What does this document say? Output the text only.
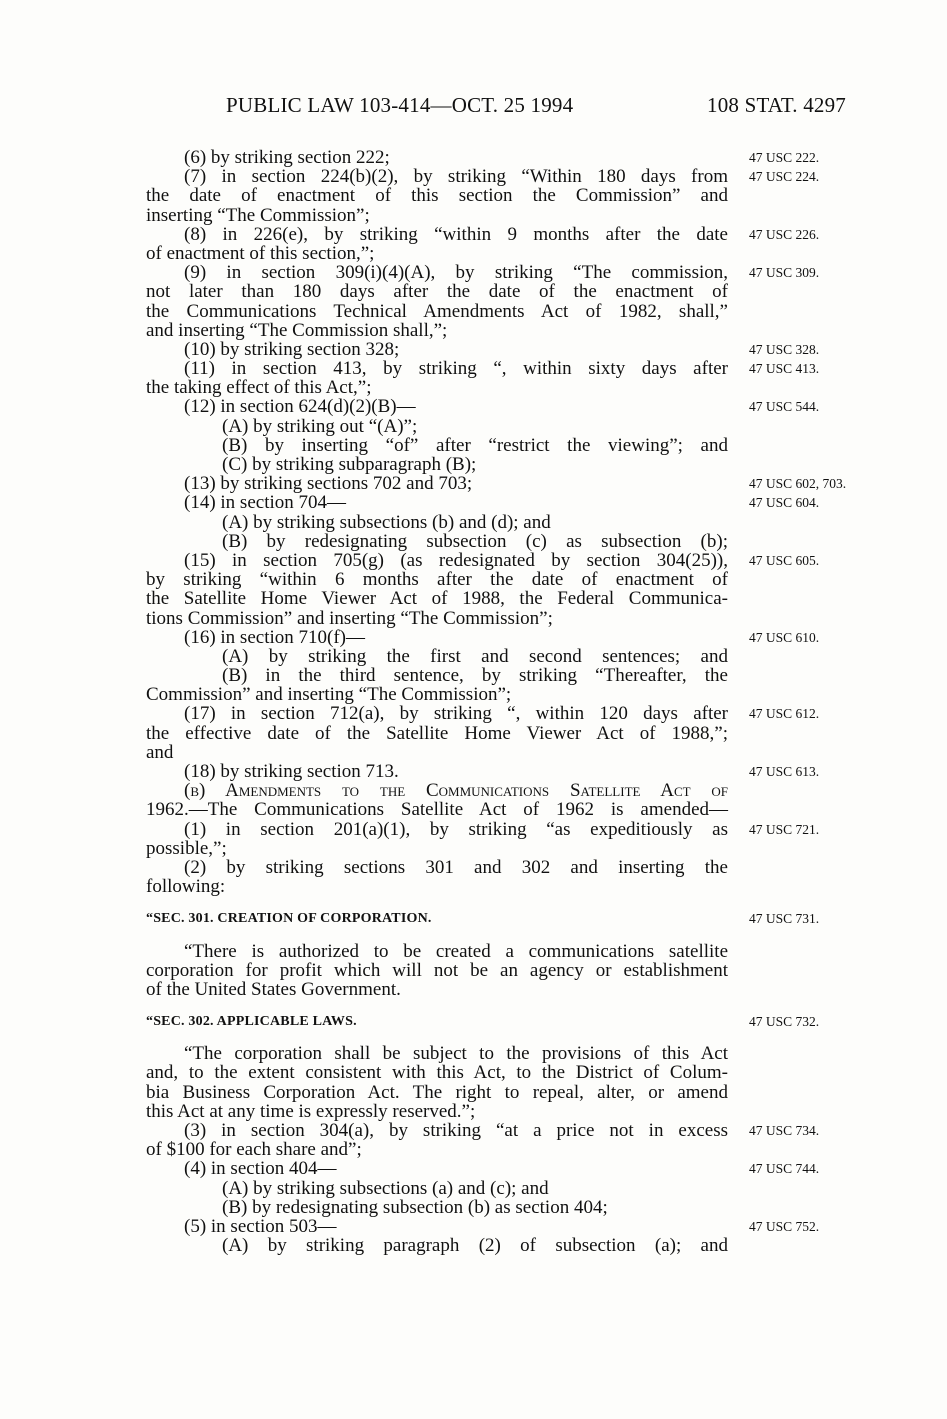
PUBLIC LAW 103-414—OCT. 25 1994	108 STAT. 4297
(6) by striking section 222;	47 USC 222.
(7) in section 224(b)(2), by striking “Within 180 days from 47 USC 224.
the date of enactment of this section the Commission” and
inserting “The Commission”;
(8) in 226(e), by striking “within 9 months after the date 47 USC 226.
of enactment of this section,”;
(9) in section 309(i)(4)(A), by striking “The commission, 47 USC 309.
not later than 180 days after the date of the enactment of
the Communications Technical Amendments Act of 1982, shall,”
and inserting “The Commission shall,”;
(10) by striking section 328;	47 USC 328.
(11) in section 413, by striking “, within sixty days after 47 USC 413.
the taking effect of this Act,”;
(12) in section 624(d)(2)(B)—	47 USC 544.
(A) by striking out “(A)”;
(B) by inserting “of” after “restrict the viewing”; and
(C) by striking subparagraph (B);
(13) by striking sections 702 and 703;	47 USC 602, 703.
(14) in section 704—	47 USC 604.
(A) by striking subsections (b) and (d); and
(B) by redesignating subsection (c) as subsection (b);
(15) in section 705(g) (as redesignated by section 304(25)), 47 USC 605.
by striking “within 6 months after the date of enactment of
the Satellite Home Viewer Act of 1988, the Federal Communica-
tions Commission” and inserting “The Commission”;
(16) in section 710(f)—	47 USC 610.
(A) by striking the first and second sentences; and
(B) in the third sentence, by striking “Thereafter, the
Commission” and inserting “The Commission”;
(17) in section 712(a), by striking “, within 120 days after 47 USC 612.
the effective date of the Satellite Home Viewer Act of 1988,”;
and
(18) by striking section 713.	47 USC 613.
(b) Amendments to the Communications Satellite Act of
1962.—The Communications Satellite Act of 1962 is amended—
(1) in section 201(a)(1), by striking “as expeditiously as 47 USC 721.
possible,”;
(2) by striking sections 301 and 302 and inserting the
following:
“SEC. 301. CREATION OF CORPORATION.	47 USC 731.
“There is authorized to be created a communications satellite
corporation for profit which will not be an agency or establishment
of the United States Government.
“SEC. 302. APPLICABLE LAWS.	47 USC 732.
“The corporation shall be subject to the provisions of this Act
and, to the extent consistent with this Act, to the District of Colum-
bia Business Corporation Act. The right to repeal, alter, or amend
this Act at any time is expressly reserved.”;
(3) in section 304(a), by striking “at a price not in excess 47 USC 734.
of $100 for each share and”;
(4) in section 404—	47 USC 744.
(A) by striking subsections (a) and (c); and
(B) by redesignating subsection (b) as section 404;
(5) in section 503—	47 USC 752.
(A) by striking paragraph (2) of subsection (a); and
